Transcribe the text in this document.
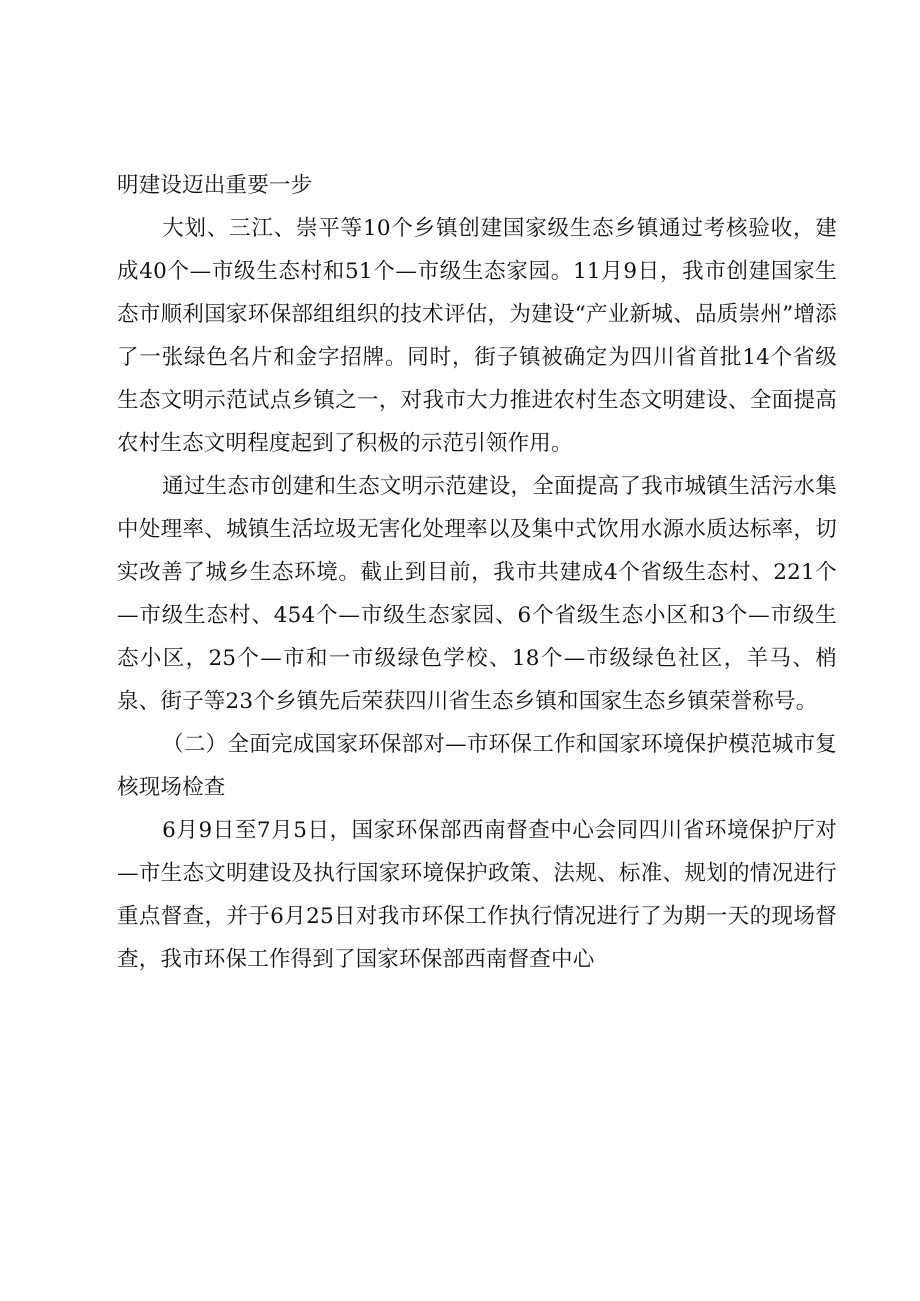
明建设迈出重要一步

大划、三江、崇平等10个乡镇创建国家级生态乡镇通过考核验收，建成40个—市级生态村和51个—市级生态家园。11月9日，我市创建国家生态市顺利国家环保部组组织的技术评估，为建设“产业新城、品质崇州”增添了一张绿色名片和金字招牌。同时，街子镇被确定为四川省首批14个省级生态文明示范试点乡镇之一，对我市大力推进农村生态文明建设、全面提高农村生态文明程度起到了积极的示范引领作用。

通过生态市创建和生态文明示范建设，全面提高了我市城镇生活污水集中处理率、城镇生活垃圾无害化处理率以及集中式饮用水源水质达标率，切实改善了城乡生态环境。截止到目前，我市共建成4个省级生态村、221个—市级生态村、454个—市级生态家园、6个省级生态小区和3个—市级生态小区，25个—市和一市级绿色学校、18个—市级绿色社区，羊马、梢泉、街子等23个乡镇先后荣获四川省生态乡镇和国家生态乡镇荣誉称号。

（二）全面完成国家环保部对—市环保工作和国家环境保护模范城市复核现场检查

6月9日至7月5日，国家环保部西南督查中心会同四川省环境保护厅对—市生态文明建设及执行国家环境保护政策、法规、标准、规划的情况进行重点督查，并于6月25日对我市环保工作执行情况进行了为期一天的现场督查，我市环保工作得到了国家环保部西南督查中心
